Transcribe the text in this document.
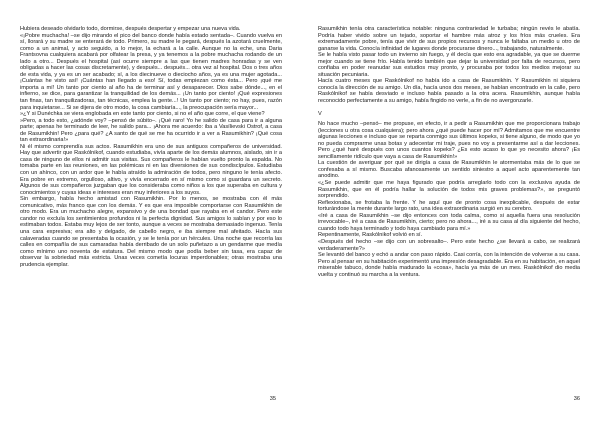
Hubiera deseado olvidarlo todo, dormirse, después despertar y empezar una nueva vida.

«¡Pobre muchacha! –se dijo mirando el pico del banco donde había estado sentada–. Cuando vuelva en sí, llorará y su madre se enterará de todo. Primero, su madre le pegará, después la azotará cruelmente, como a un animal, y acto seguido, a lo mejor, la echará a la calle. Aunque no la eche, una Daria Frantsovna cualquiera acabará por olfatear la presa, y ya tenemos a la pobre muchacha rodando de un lado a otro... Después el hospital (así ocurre siempre a las que tienen madres honradas y se ven obligadas a hacer las cosas discretamente), y después... después... otra vez al hospital. Dos o tres años de esta vida, y ya es un ser acabado; sí, a los diecinueve o dieciocho años, ya es una mujer agotada... ¡Cuántas he visto así! ¡Cuántas han llegado a eso! Sí, todas empiezan como ésta... Pero ¡qué me importa a mí! Un tanto por ciento al año ha de terminar así y desaparecer. Dios sabe dónde..., en el infierno, se dice, para garantizar la tranquilidad de los demás... ¡Un tanto por ciento! ¡Qué expresiones tan finas, tan tranquilizadoras, tan técnicas, emplea la gente...! Un tanto por ciento; no hay, pues, razón para inquietarse... Si se dijera de otro modo, la cosa cambiaría..., la preocupación sería mayor...

»¿Y si Dunéchka se viera englobada en este tanto por ciento, si no el año que corre, el que viene?

»Pero, a todo esto, ¿adónde voy? –pensó de súbito–. ¡Qué raro! Yo he salido de casa para ir a alguna parte; apenas he terminado de leer, he salido para... ¡Ahora me acuerdo: iba a Vasílievski Ostrof, a casa de Rasumikhin! Pero ¿para qué? ¿A santo de qué se me ha ocurrido ir a ver a Rasumikhin? ¡Qué cosa tan extraordinaria!»

Ni él mismo comprendía sus actos. Rasumikhin era uno de sus antiguos compañeros de universidad. Hay que advertir que Raskólnikof, cuando estudiaba, vivía aparte de los demás alumnos, aislado, sin ir a casa de ninguno de ellos ni admitir sus visitas. Sus compañeros le habían vuelto pronto la espalda. No tomaba parte en las reuniones, en las polémicas ni en las diversiones de sus condiscípulos. Estudiaba con un ahínco, con un ardor que le había atraído la admiración de todos, pero ninguno le tenía afecto. Era pobre en extremo, orgulloso, altivo, y vivía encerrado en sí mismo como si guardara un secreto. Algunos de sus compañeros juzgaban que los consideraba como niños a los que superaba en cultura y conocimientos y cuyas ideas e intereses eran muy inferiores a los suyos.

Sin embargo, había hecho amistad con Rasumikhin. Por lo menos, se mostraba con él más comunicativo, más franco que con los demás. Y es que era imposible comportarse con Rasumikhin de otro modo. Era un muchacho alegre, expansivo y de una bondad que rayaba en el candor. Pero este candor no excluía los sentimientos profundos ni la perfecta dignidad. Sus amigos lo sabían y por eso lo estimaban todos. Estaba muy lejos de ser tonto, aunque a veces se mostraba demasiado ingenuo. Tenía una cara expresiva; era alto y delgado, de cabello negro, e iba siempre mal afeitado. Hacía sus calaveradas cuando se presentaba la ocasión, y se le tenía por un hércules. Una noche que recorría las calles en compañía de sus camaradas había derribado de un solo puñetazo a un gendarme que medía como mínimo uno noventa de estatura. Del mismo modo que podía beber sin tasa, era capaz de observar la sobriedad más estricta. Unas veces cometía locuras imperdonables; otras mostraba una prudencia ejemplar.

35

Rasumikhin tenía otra característica notable: ninguna contrariedad le turbaba; ningún revés le abatía. Podría haber vivido sobre un tejado, soportar el hambre más atroz y los fríos más crueles. Era extremadamente pobre, tenía que vivir de sus propios recursos y nunca le faltaba un medio u otro de ganarse la vida. Conocía infinidad de lugares donde procurarse dinero..., trabajando, naturalmente.

Se le había visto pasar todo un invierno sin fuego, y él decía que esto era agradable, ya que se duerme mejor cuando se tiene frío. Había tenido también que dejar la universidad por falta de recursos, pero confiaba en poder reanudar sus estudios muy pronto, y procuraba por todos los medios mejorar su situación pecuniaria.

Hacía cuatro meses que Raskólnikof no había ido a casa de Rasumikhin. Y Rasumikhin ni siquiera conocía la dirección de su amigo. Un día, hacía unos dos meses, se habían encontrado en la calle, pero Raskólnikof se había desviado e incluso había pasado a la otra acera. Rasumikhin, aunque había reconocido perfectamente a su amigo, había fingido no verle, a fin de no avergonzarle.

V

No hace mucho –pensó– me propuse, en efecto, ir a pedir a Rasumikhin que me proporcionara trabajo (lecciones u otra cosa cualquiera); pero ahora ¿qué puede hacer por mí? Admitamos que me encuentre algunas lecciones e incluso que se reparta conmigo sus últimos kopeks, si tiene alguno, de modo que yo no pueda comprarme unas botas y adecentar mi traje, pues no voy a presentarme así a dar lecciones. Pero ¿qué haré después con unos cuantos kopeks? ¿Es esto acaso lo que yo necesito ahora? ¡Es sencillamente ridículo que vaya a casa de Rasumikhin!»

La cuestión de averiguar por qué se dirigía a casa de Rasumikhin le atormentaba más de lo que se confesaba a sí mismo. Buscaba afanosamente un sentido siniestro a aquel acto aparentemente tan anodino.

«¿Se puede admitir que me haya figurado que podría arreglarlo todo con la exclusiva ayuda de Rasumikhin, que en él podría hallar la solución de todos mis graves problemas?», se preguntó sorprendido.

Reflexionaba, se frotaba la frente. Y he aquí que de pronto cosa inexplicable, después de estar torturándose la mente durante largo rato, una idea extraordinaria surgió en su cerebro.

«Iré a casa de Rasumikhin –se dijo entonces con toda calma, como si aquella fuera una resolución irrevocable–, iré a casa de Rasumikhin, cierto; pero no ahora..., iré a su casa al día siguiente del hecho, cuando todo haya terminado y todo haya cambiado para mí.»

Repentinamente, Raskólnikof volvió en sí.

«Después del hecho –se dijo con un sobresalto–. Pero este hecho ¿se llevará a cabo, se realizará verdaderamente?»

Se levantó del banco y echó a andar con paso rápido. Casi corría, con la intención de volverse a su casa. Pero al pensar en su habitación experimentó una impresión desagradable. Era en su habitación, en aquel miserable tabuco, donde había madurado la «cosa», hacía ya más de un mes. Raskólnikof dio media vuelta y continuó su marcha a la ventura.

36
